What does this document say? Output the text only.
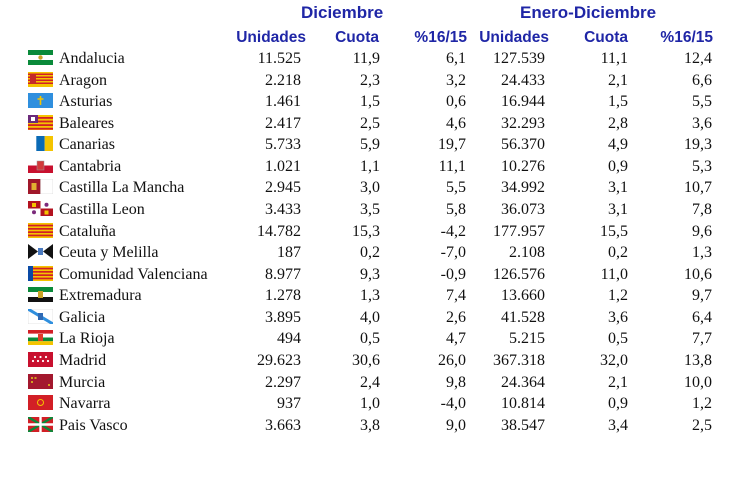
Diciembre	Enero-Diciembre
Unidades Cuota %16/15 Unidades Cuota %16/15
Andalucia	11.525	11,9	6,1 127.539	11,1	12,4
Aragon	2.218	2,3	3,2 24.433	2,1	6,6
Asturias	1.461	1,5	0,6 16.944	1,5	5,5
Baleares	2.417	2,5	4,6 32.293	2,8	3,6
Canarias	5.733	5,9	19,7 56.370	4,9	19,3
Cantabria	1.021	1,1	11,1 10.276	0,9	5,3
Castilla La Mancha	2.945	3,0	5,5 34.992	3,1	10,7
Castilla Leon	3.433	3,5	5,8 36.073	3,1	7,8
Cataluña	14.782	15,3	-4,2 177.957	15,5	9,6
Ceuta y Melilla	187	0,2	-7,0	2.108	0,2	1,3
Comunidad Valenciana	8.977	9,3	-0,9 126.576	11,0	10,6
Extremadura	1.278	1,3	7,4 13.660	1,2	9,7
Galicia	3.895	4,0	2,6 41.528	3,6	6,4
La Rioja	494	0,5	4,7	5.215	0,5	7,7
Madrid	29.623	30,6	26,0 367.318	32,0	13,8
Murcia	2.297	2,4	9,8 24.364	2,1	10,0
Navarra	937	1,0	-4,0 10.814	0,9	1,2
Pais Vasco	3.663	3,8	9,0 38.547	3,4	2,5
